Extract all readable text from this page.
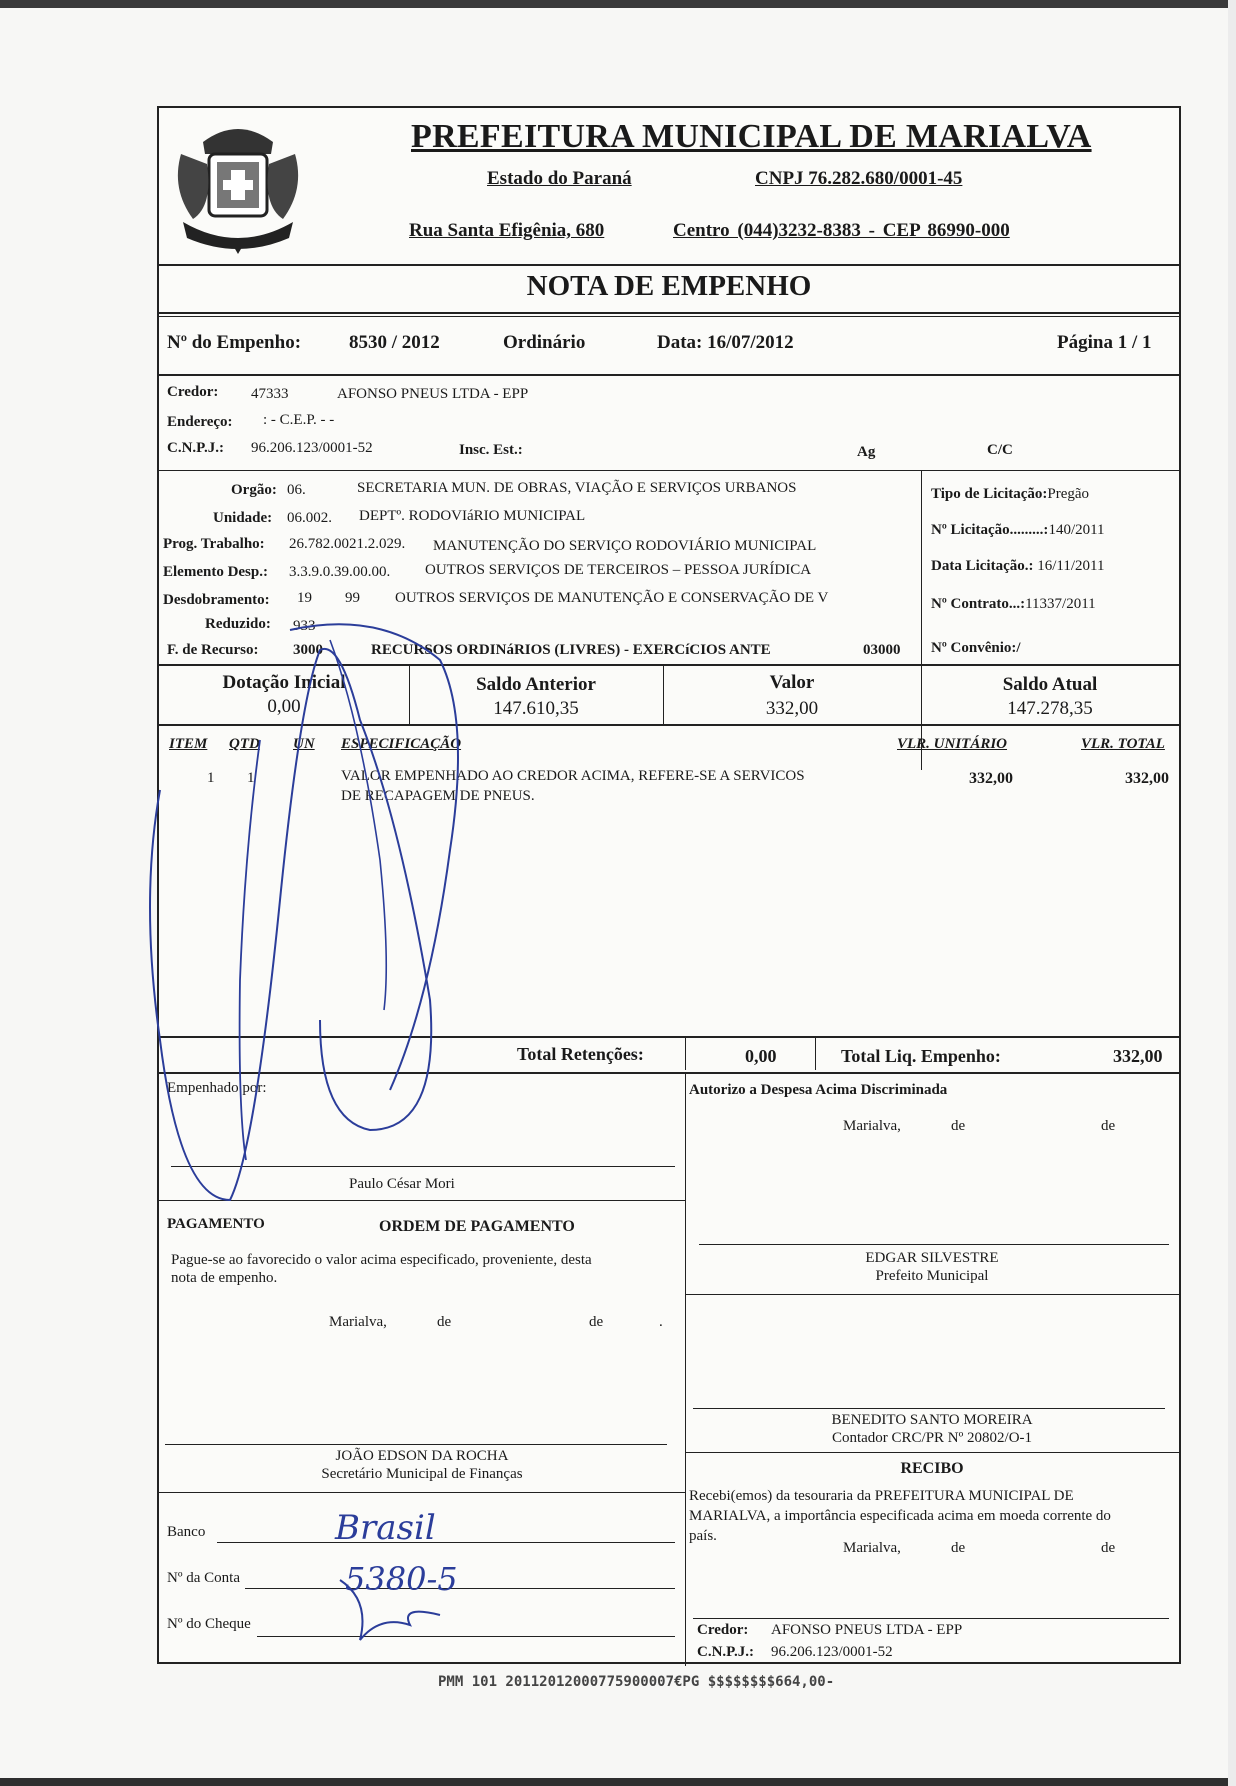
PREFEITURA MUNICIPAL DE MARIALVA
Estado do Paraná	CNPJ 76.282.680/0001-45
Rua Santa Efigênia, 680	Centro (044)3232-8383 - CEP 86990-000
NOTA DE EMPENHO
Nº do Empenho:	8530 / 2012	Ordinário	Data: 16/07/2012	Página 1 / 1
Credor: 47333	AFONSO PNEUS LTDA - EPP
Endereço: : - C.E.P. - -
C.N.P.J.: 96.206.123/0001-52	Insc. Est.:	Ag	C/C
Orgão: 06.	SECRETARIA MUN. DE OBRAS, VIAÇÃO E SERVIÇOS URBANOS
Unidade: 06.002. DEPTº. RODOVIáRIO MUNICIPAL
Prog. Trabalho: 26.782.0021.2.029. MANUTENÇÃO DO SERVIÇO RODOVIÁRIO MUNICIPAL
Elemento Desp.: 3.3.9.0.39.00.00. OUTROS SERVIÇOS DE TERCEIROS – PESSOA JURÍDICA
Desdobramento: 19 99 OUTROS SERVIÇOS DE MANUTENÇÃO E CONSERVAÇÃO DE V
Reduzido: 933
F. de Recurso: 3000	RECURSOS ORDINáRIOS (LIVRES) - EXERCíCIOS ANTE	03000
Tipo de Licitação:Pregão
Nº Licitação.........:140/2011
Data Licitação.: 16/11/2011
Nº Contrato...:11337/2011
Nº Convênio:/
Dotação Inicial
0,00
Saldo Anterior
147.610,35
Valor
332,00
Saldo Atual
147.278,35
ITEM QTD UN ESPECIFICAÇÃO	VLR. UNITÁRIO	VLR. TOTAL
1 1	VALOR EMPENHADO AO CREDOR ACIMA, REFERE-SE A SERVICOS
DE RECAPAGEM DE PNEUS.
332,00	332,00
Total Retenções:	0,00	Total Liq. Empenho:	332,00
Empenhado por:
Paulo César Mori
PAGAMENTO	ORDEM DE PAGAMENTO
Pague-se ao favorecido o valor acima especificado, proveniente, desta
nota de empenho.
Marialva,	de	de	.
JOÃO EDSON DA ROCHA
Secretário Municipal de Finanças
Banco
Nº da Conta
Nº do Cheque
Autorizo a Despesa Acima Discriminada
Marialva,	de	de
EDGAR SILVESTRE
Prefeito Municipal
BENEDITO SANTO MOREIRA
Contador CRC/PR Nº 20802/O-1
RECIBO
Recebi(emos) da tesouraria da PREFEITURA MUNICIPAL DE
MARIALVA, a importância especificada acima em moeda corrente do
país.
Marialva,	de	de
Credor: AFONSO PNEUS LTDA - EPP
C.N.P.J.: 96.206.123/0001-52
Brasil
5380-5
PMM 101 20112012000775900007€PG $$$$$$$$664,00-
